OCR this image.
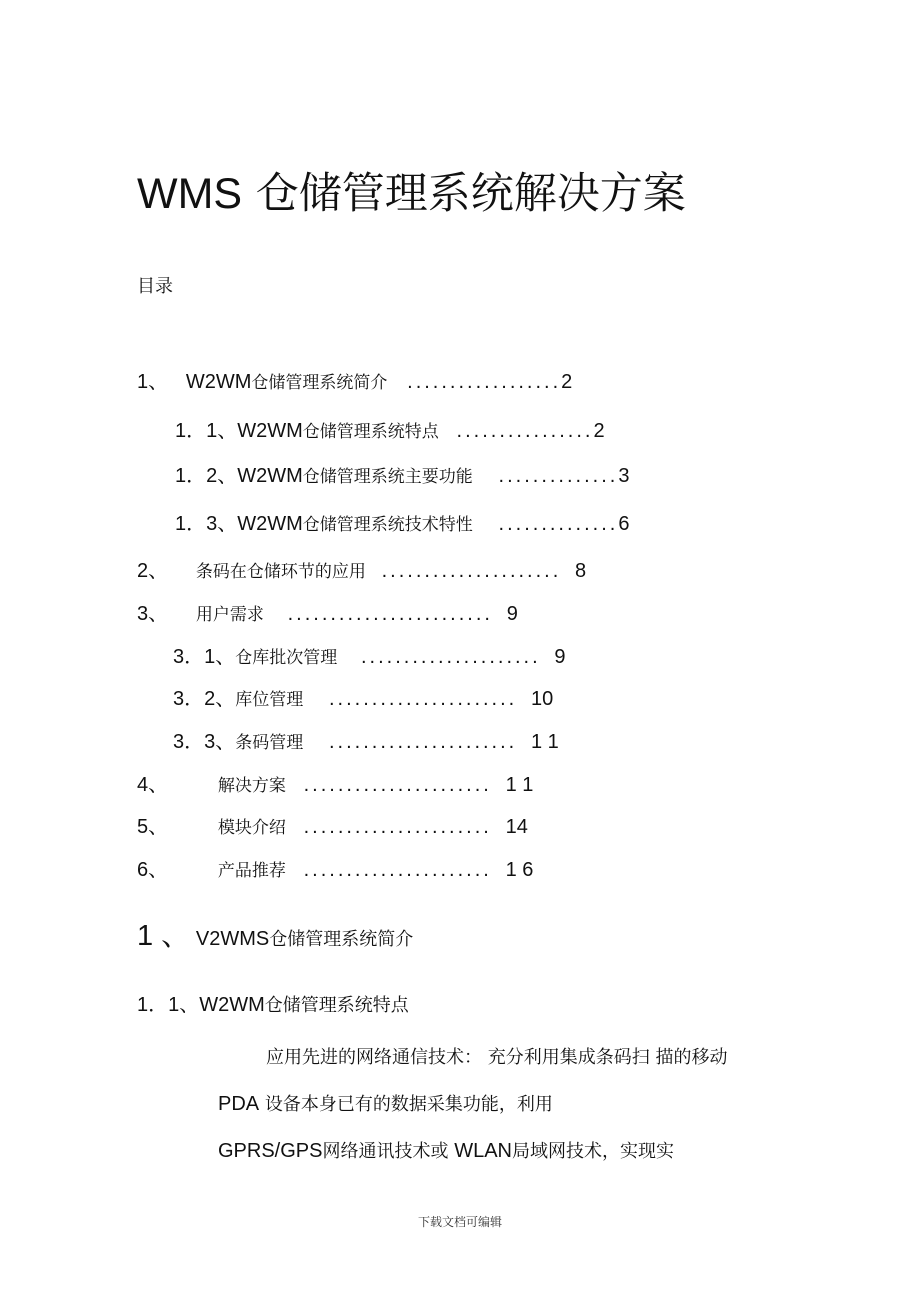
WMS 仓储管理系统解决方案
目录
1、 W2WM仓储管理系统简介 ..................2
1．1、W2WM仓储管理系统特点 ................2
1．2、W2WM仓储管理系统主要功能 ..............3
1．3、W2WM仓储管理系统技术特性 ..............6
2、 条码在仓储环节的应用 ..................... 8
3、 用户需求 ........................ 9
3．1、仓库批次管理 ..................... 9
3．2、库位管理 ...................... 10
3．3、条码管理 ...................... 1 1
4、	解决方案 ...................... 1 1
5、	模块介绍 ...................... 14
6、	产品推荐 ...................... 1 6
1 、 V2WMS仓储管理系统简介
1．1、W2WM仓储管理系统特点
应用先进的网络通信技术： 充分利用集成条码扫 描的移动
PDA 设备本身已有的数据采集功能，利用
GPRS/GPS网络通讯技术或 WLAN局域网技术，实现实
下载文档可编辑
